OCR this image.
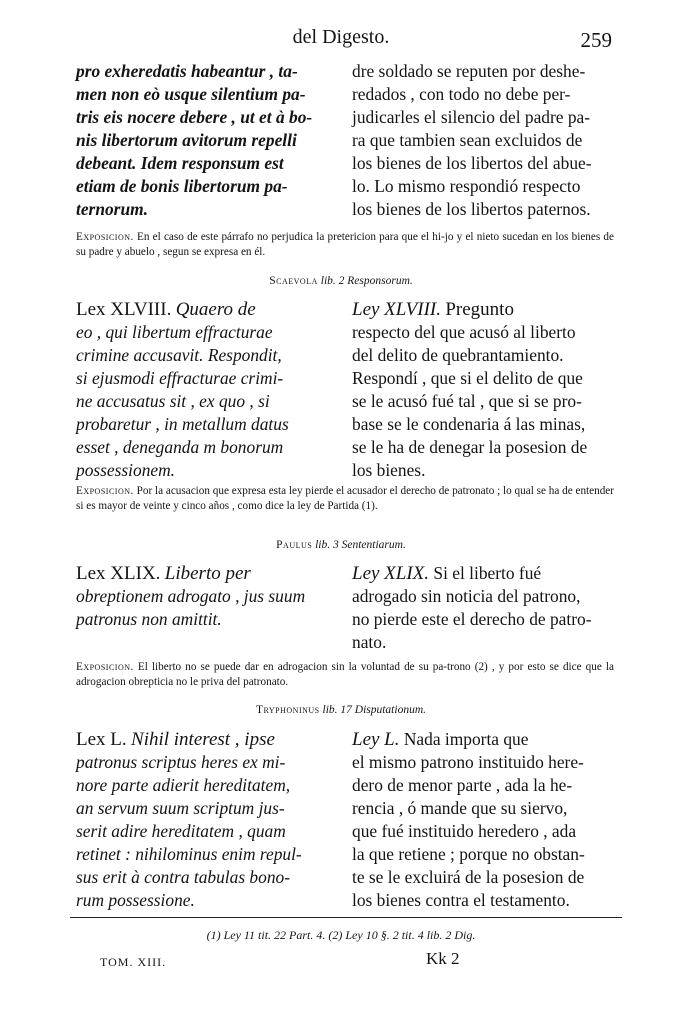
del Digesto.	259

pro exheredatis habeantur , ta-

men non eò usque silentium pa-

tris eis nocere debere , ut et à bo-

nis libertorum avitorum repelli

debeant. Idem responsum est

etiam de bonis libertorum pa-

ternorum.

dre soldado se reputen por deshe-

redados , con todo no debe per-

judicarles el silencio del padre pa-

ra que tambien sean excluidos de

los bienes de los libertos del abue-

lo. Lo mismo respondió respecto

los bienes de los libertos paternos.

Exposicion. En el caso de este párrafo no perjudica la pretericion para que el hi-jo y el nieto sucedan en los bienes de su padre y abuelo , segun se expresa en él.

Scaevola lib. 2 Responsorum.

Lex XLVIII. Quaero de

eo , qui libertum effracturae

crimine accusavit. Respondit,

si ejusmodi effracturae crimi-

ne accusatus sit , ex quo , si

probaretur , in metallum datus

esset , deneganda m bonorum

possessionem.

Ley XLVIII. Pregunto

respecto del que acusó al liberto

del delito de quebrantamiento.

Respondí , que si el delito de que

se le acusó fué tal , que si se pro-

base se le condenaria á las minas,

se le ha de denegar la posesion de

los bienes.

Exposicion. Por la acusacion que expresa esta ley pierde el acusador el derecho de patronato ; lo qual se ha de entender si es mayor de veinte y cinco años , como dice la ley de Partida (1).

Paulus lib. 3 Sententiarum.

Lex XLIX. Liberto per

obreptionem adrogato , jus suum

patronus non amittit.

Ley XLIX. Si el liberto fué

adrogado sin noticia del patrono,

no pierde este el derecho de patro-

nato.

Exposicion. El liberto no se puede dar en adrogacion sin la voluntad de su pa-trono (2) , y por esto se dice que la adrogacion obrepticia no le priva del patronato.

Tryphoninus lib. 17 Disputationum.

Lex L. Nihil interest , ipse

patronus scriptus heres ex mi-

nore parte adierit hereditatem,

an servum suum scriptum jus-

serit adire hereditatem , quam

retinet : nihilominus enim repul-

sus erit à contra tabulas bono-

rum possessione.

Ley L. Nada importa que

el mismo patrono instituido here-

dero de menor parte , ada la he-

rencia , ó mande que su siervo,

que fué instituido heredero , ada

la que retiene ; porque no obstan-

te se le excluirá de la posesion de

los bienes contra el testamento.

(1) Ley 11 tit. 22 Part. 4. (2) Ley 10 §. 2 tit. 4 lib. 2 Dig.
TOM. XIII.	Kk 2
